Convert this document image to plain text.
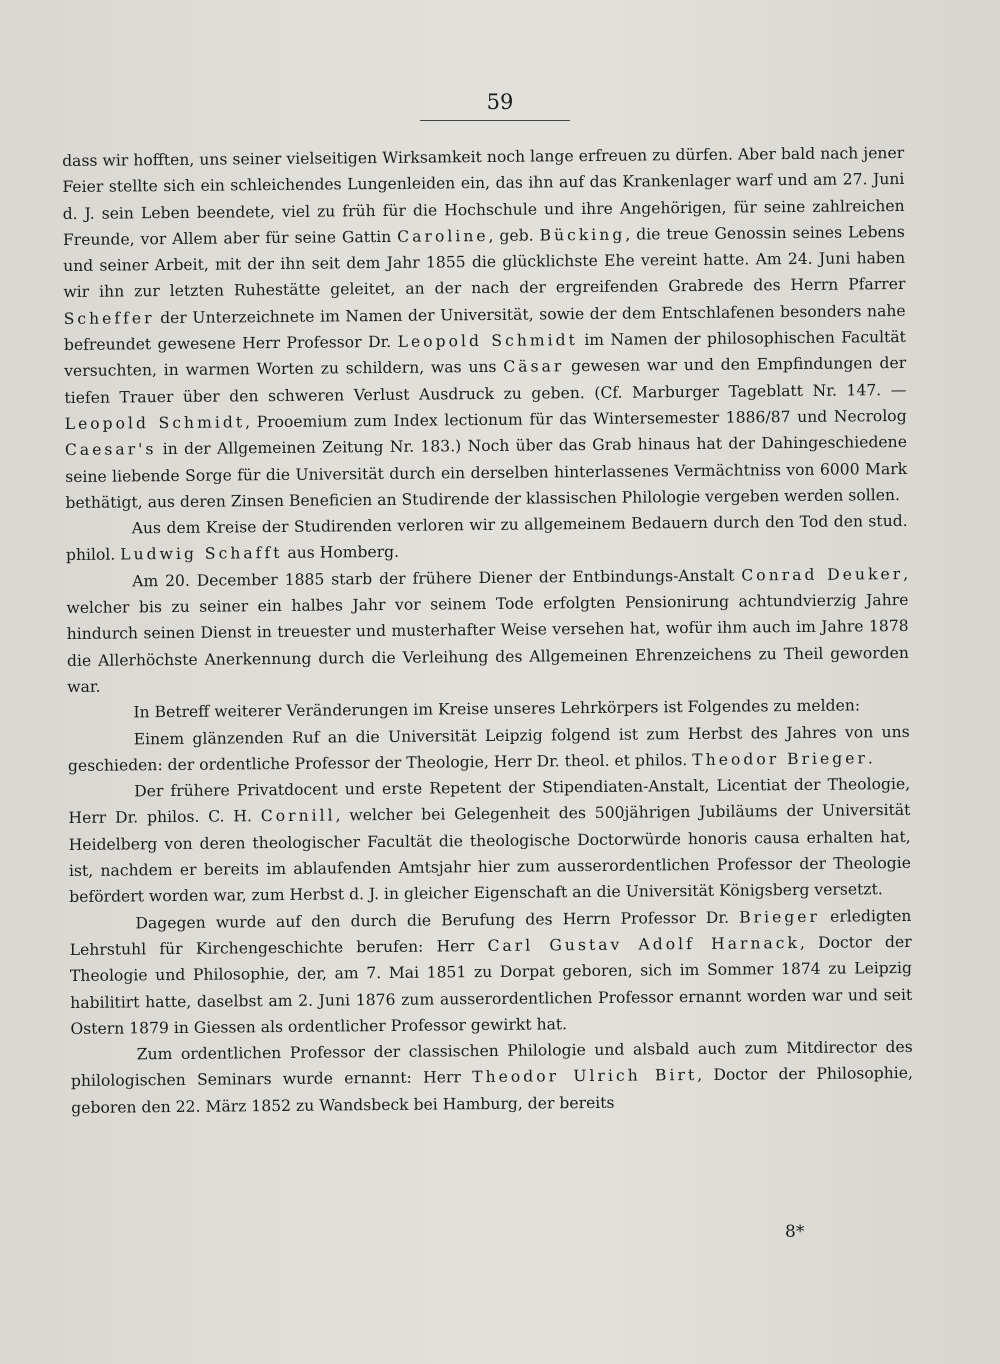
59

dass wir hofften, uns seiner vielseitigen Wirksamkeit noch lange erfreuen zu dürfen. Aber bald nach jener Feier stellte sich ein schleichendes Lungenleiden ein, das ihn auf das Krankenlager warf und am 27. Juni d. J. sein Leben beendete, viel zu früh für die Hochschule und ihre Angehörigen, für seine zahlreichen Freunde, vor Allem aber für seine Gattin Caroline, geb. Bücking, die treue Genossin seines Lebens und seiner Arbeit, mit der ihn seit dem Jahr 1855 die glücklichste Ehe vereint hatte. Am 24. Juni haben wir ihn zur letzten Ruhestätte geleitet, an der nach der ergreifenden Grabrede des Herrn Pfarrer Scheffer der Unterzeichnete im Namen der Universität, sowie der dem Entschlafenen besonders nahe befreundet gewesene Herr Professor Dr. Leopold Schmidt im Namen der philosophischen Facultät versuchten, in warmen Worten zu schildern, was uns Cäsar gewesen war und den Empfindungen der tiefen Trauer über den schweren Verlust Ausdruck zu geben. (Cf. Marburger Tageblatt Nr. 147. — Leopold Schmidt, Prooemium zum Index lectionum für das Wintersemester 1886/87 und Necrolog Caesar's in der Allgemeinen Zeitung Nr. 183.) Noch über das Grab hinaus hat der Dahingeschiedene seine liebende Sorge für die Universität durch ein derselben hinterlassenes Vermächtniss von 6000 Mark bethätigt, aus deren Zinsen Beneficien an Studirende der klassischen Philologie vergeben werden sollen.

Aus dem Kreise der Studirenden verloren wir zu allgemeinem Bedauern durch den Tod den stud. philol. Ludwig Schafft aus Homberg.

Am 20. December 1885 starb der frühere Diener der Entbindungs-Anstalt Conrad Deuker, welcher bis zu seiner ein halbes Jahr vor seinem Tode erfolgten Pensionirung achtundvierzig Jahre hindurch seinen Dienst in treuester und musterhafter Weise versehen hat, wofür ihm auch im Jahre 1878 die Allerhöchste Anerkennung durch die Verleihung des Allgemeinen Ehrenzeichens zu Theil geworden war.

In Betreff weiterer Veränderungen im Kreise unseres Lehrkörpers ist Folgendes zu melden:

Einem glänzenden Ruf an die Universität Leipzig folgend ist zum Herbst des Jahres von uns geschieden: der ordentliche Professor der Theologie, Herr Dr. theol. et philos. Theodor Brieger.

Der frühere Privatdocent und erste Repetent der Stipendiaten-Anstalt, Licentiat der Theologie, Herr Dr. philos. C. H. Cornill, welcher bei Gelegenheit des 500jährigen Jubiläums der Universität Heidelberg von deren theologischer Facultät die theologische Doctorwürde honoris causa erhalten hat, ist, nachdem er bereits im ablaufenden Amtsjahr hier zum ausserordentlichen Professor der Theologie befördert worden war, zum Herbst d. J. in gleicher Eigenschaft an die Universität Königsberg versetzt.

Dagegen wurde auf den durch die Berufung des Herrn Professor Dr. Brieger erledigten Lehrstuhl für Kirchengeschichte berufen: Herr Carl Gustav Adolf Harnack, Doctor der Theologie und Philosophie, der, am 7. Mai 1851 zu Dorpat geboren, sich im Sommer 1874 zu Leipzig habilitirt hatte, daselbst am 2. Juni 1876 zum ausserordentlichen Professor ernannt worden war und seit Ostern 1879 in Giessen als ordentlicher Professor gewirkt hat.

Zum ordentlichen Professor der classischen Philologie und alsbald auch zum Mitdirector des philologischen Seminars wurde ernannt: Herr Theodor Ulrich Birt, Doctor der Philosophie, geboren den 22. März 1852 zu Wandsbeck bei Hamburg, der bereits

8*
